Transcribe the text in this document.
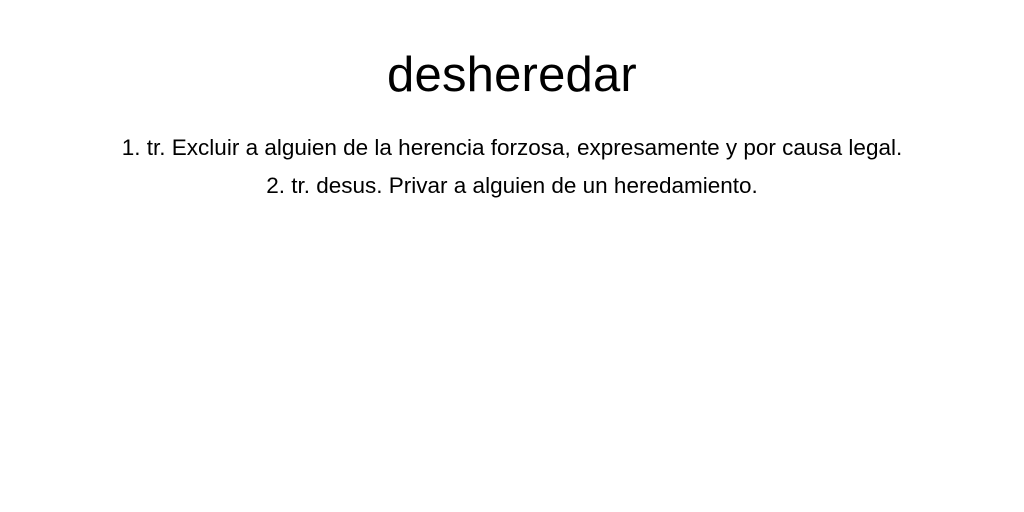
desheredar
1. tr. Excluir a alguien de la herencia forzosa, expresamente y por causa legal.
2. tr. desus. Privar a alguien de un heredamiento.
